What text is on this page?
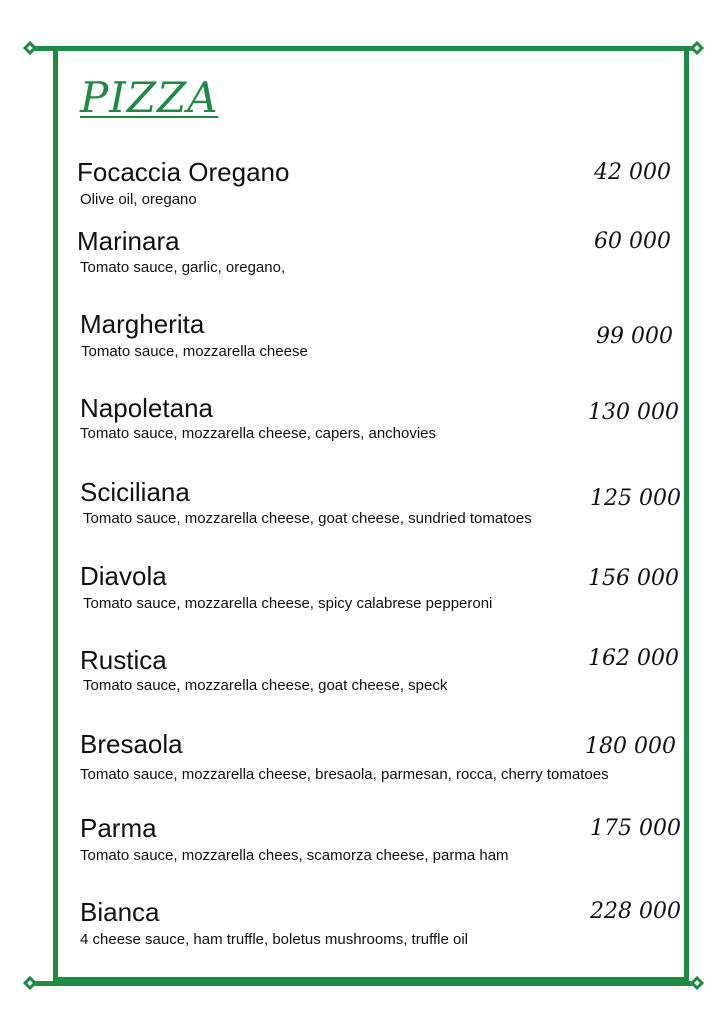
PIZZA
Focaccia Oregano
Olive oil, oregano
42 000
Marinara
Tomato sauce, garlic, oregano,
60 000
Margherita
Tomato sauce, mozzarella cheese
99 000
Napoletana
Tomato sauce, mozzarella cheese, capers, anchovies
130 000
Sciciliana
Tomato sauce, mozzarella cheese, goat cheese, sundried tomatoes
125 000
Diavola
Tomato sauce, mozzarella cheese, spicy calabrese pepperoni
156 000
Rustica
Tomato sauce, mozzarella cheese, goat cheese, speck
162 000
Bresaola
Tomato sauce, mozzarella cheese, bresaola, parmesan, rocca, cherry tomatoes
180 000
Parma
Tomato sauce, mozzarella chees, scamorza cheese, parma ham
175 000
Bianca
4 cheese sauce, ham truffle, boletus mushrooms, truffle oil
228 000
